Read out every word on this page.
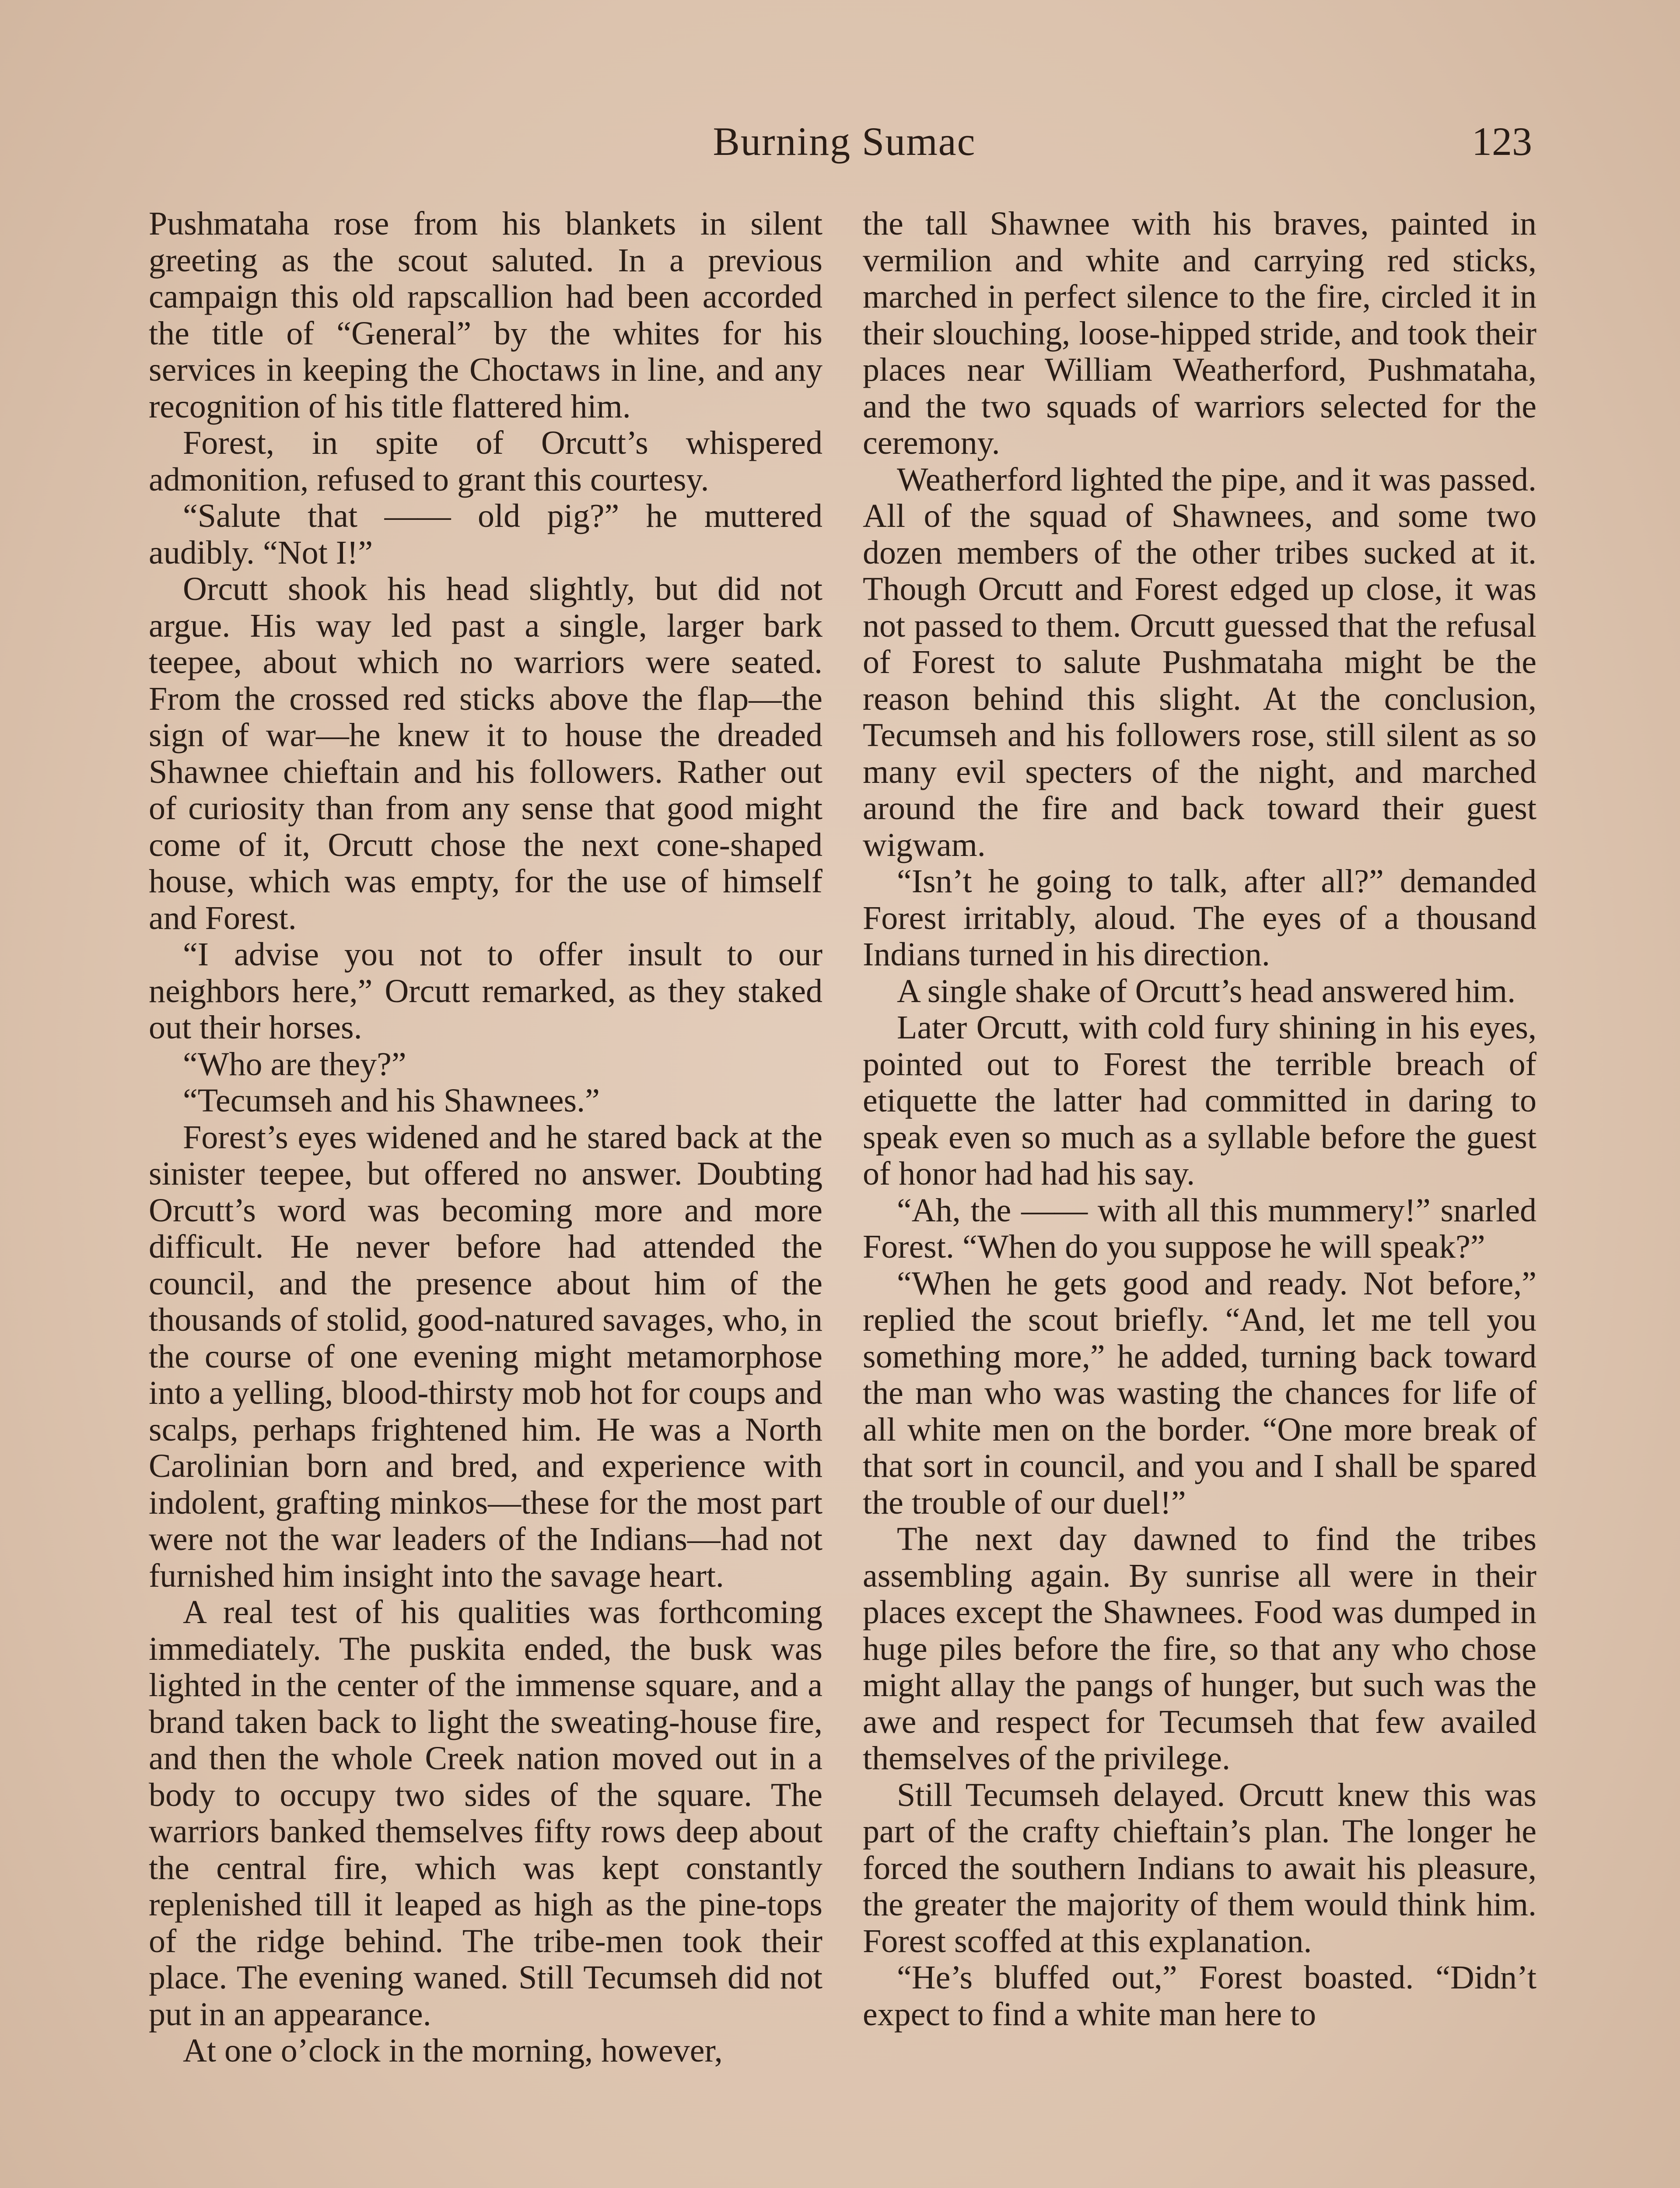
Burning Sumac	123

Pushmataha rose from his blankets in silent greeting as the scout saluted. In a previous campaign this old rapscallion had been accorded the title of “General” by the whites for his services in keeping the Choctaws in line, and any recognition of his title flattered him.

Forest, in spite of Orcutt’s whispered admonition, refused to grant this courtesy.

“Salute that —— old pig?” he muttered audibly. “Not I!”

Orcutt shook his head slightly, but did not argue. His way led past a single, larger bark teepee, about which no warriors were seated. From the crossed red sticks above the flap—the sign of war—he knew it to house the dreaded Shawnee chieftain and his followers. Rather out of curiosity than from any sense that good might come of it, Orcutt chose the next cone-shaped house, which was empty, for the use of himself and Forest.

“I advise you not to offer insult to our neighbors here,” Orcutt remarked, as they staked out their horses.

“Who are they?”

“Tecumseh and his Shawnees.”

Forest’s eyes widened and he stared back at the sinister teepee, but offered no answer. Doubting Orcutt’s word was becoming more and more difficult. He never before had attended the council, and the presence about him of the thousands of stolid, good-natured savages, who, in the course of one evening might metamorphose into a yelling, blood-thirsty mob hot for coups and scalps, perhaps frightened him. He was a North Carolinian born and bred, and experience with indolent, grafting minkos—these for the most part were not the war leaders of the Indians—had not furnished him insight into the savage heart.

A real test of his qualities was forthcoming immediately. The puskita ended, the busk was lighted in the center of the immense square, and a brand taken back to light the sweating-house fire, and then the whole Creek nation moved out in a body to occupy two sides of the square. The warriors banked themselves fifty rows deep about the central fire, which was kept constantly replenished till it leaped as high as the pine-tops of the ridge behind. The tribe-men took their place. The evening waned. Still Tecumseh did not put in an appearance.

At one o’clock in the morning, however,

the tall Shawnee with his braves, painted in vermilion and white and carrying red sticks, marched in perfect silence to the fire, circled it in their slouching, loose-hipped stride, and took their places near William Weatherford, Pushmataha, and the two squads of warriors selected for the ceremony.

Weatherford lighted the pipe, and it was passed. All of the squad of Shawnees, and some two dozen members of the other tribes sucked at it. Though Orcutt and Forest edged up close, it was not passed to them. Orcutt guessed that the refusal of Forest to salute Pushmataha might be the reason behind this slight. At the conclusion, Tecumseh and his followers rose, still silent as so many evil specters of the night, and marched around the fire and back toward their guest wigwam.

“Isn’t he going to talk, after all?” demanded Forest irritably, aloud. The eyes of a thousand Indians turned in his direction.

A single shake of Orcutt’s head answered him.

Later Orcutt, with cold fury shining in his eyes, pointed out to Forest the terrible breach of etiquette the latter had committed in daring to speak even so much as a syllable before the guest of honor had had his say.

“Ah, the —— with all this mummery!” snarled Forest. “When do you suppose he will speak?”

“When he gets good and ready. Not before,” replied the scout briefly. “And, let me tell you something more,” he added, turning back toward the man who was wasting the chances for life of all white men on the border. “One more break of that sort in council, and you and I shall be spared the trouble of our duel!”

The next day dawned to find the tribes assembling again. By sunrise all were in their places except the Shawnees. Food was dumped in huge piles before the fire, so that any who chose might allay the pangs of hunger, but such was the awe and respect for Tecumseh that few availed themselves of the privilege.

Still Tecumseh delayed. Orcutt knew this was part of the crafty chieftain’s plan. The longer he forced the southern Indians to await his pleasure, the greater the majority of them would think him. Forest scoffed at this explanation.

“He’s bluffed out,” Forest boasted. “Didn’t expect to find a white man here to
